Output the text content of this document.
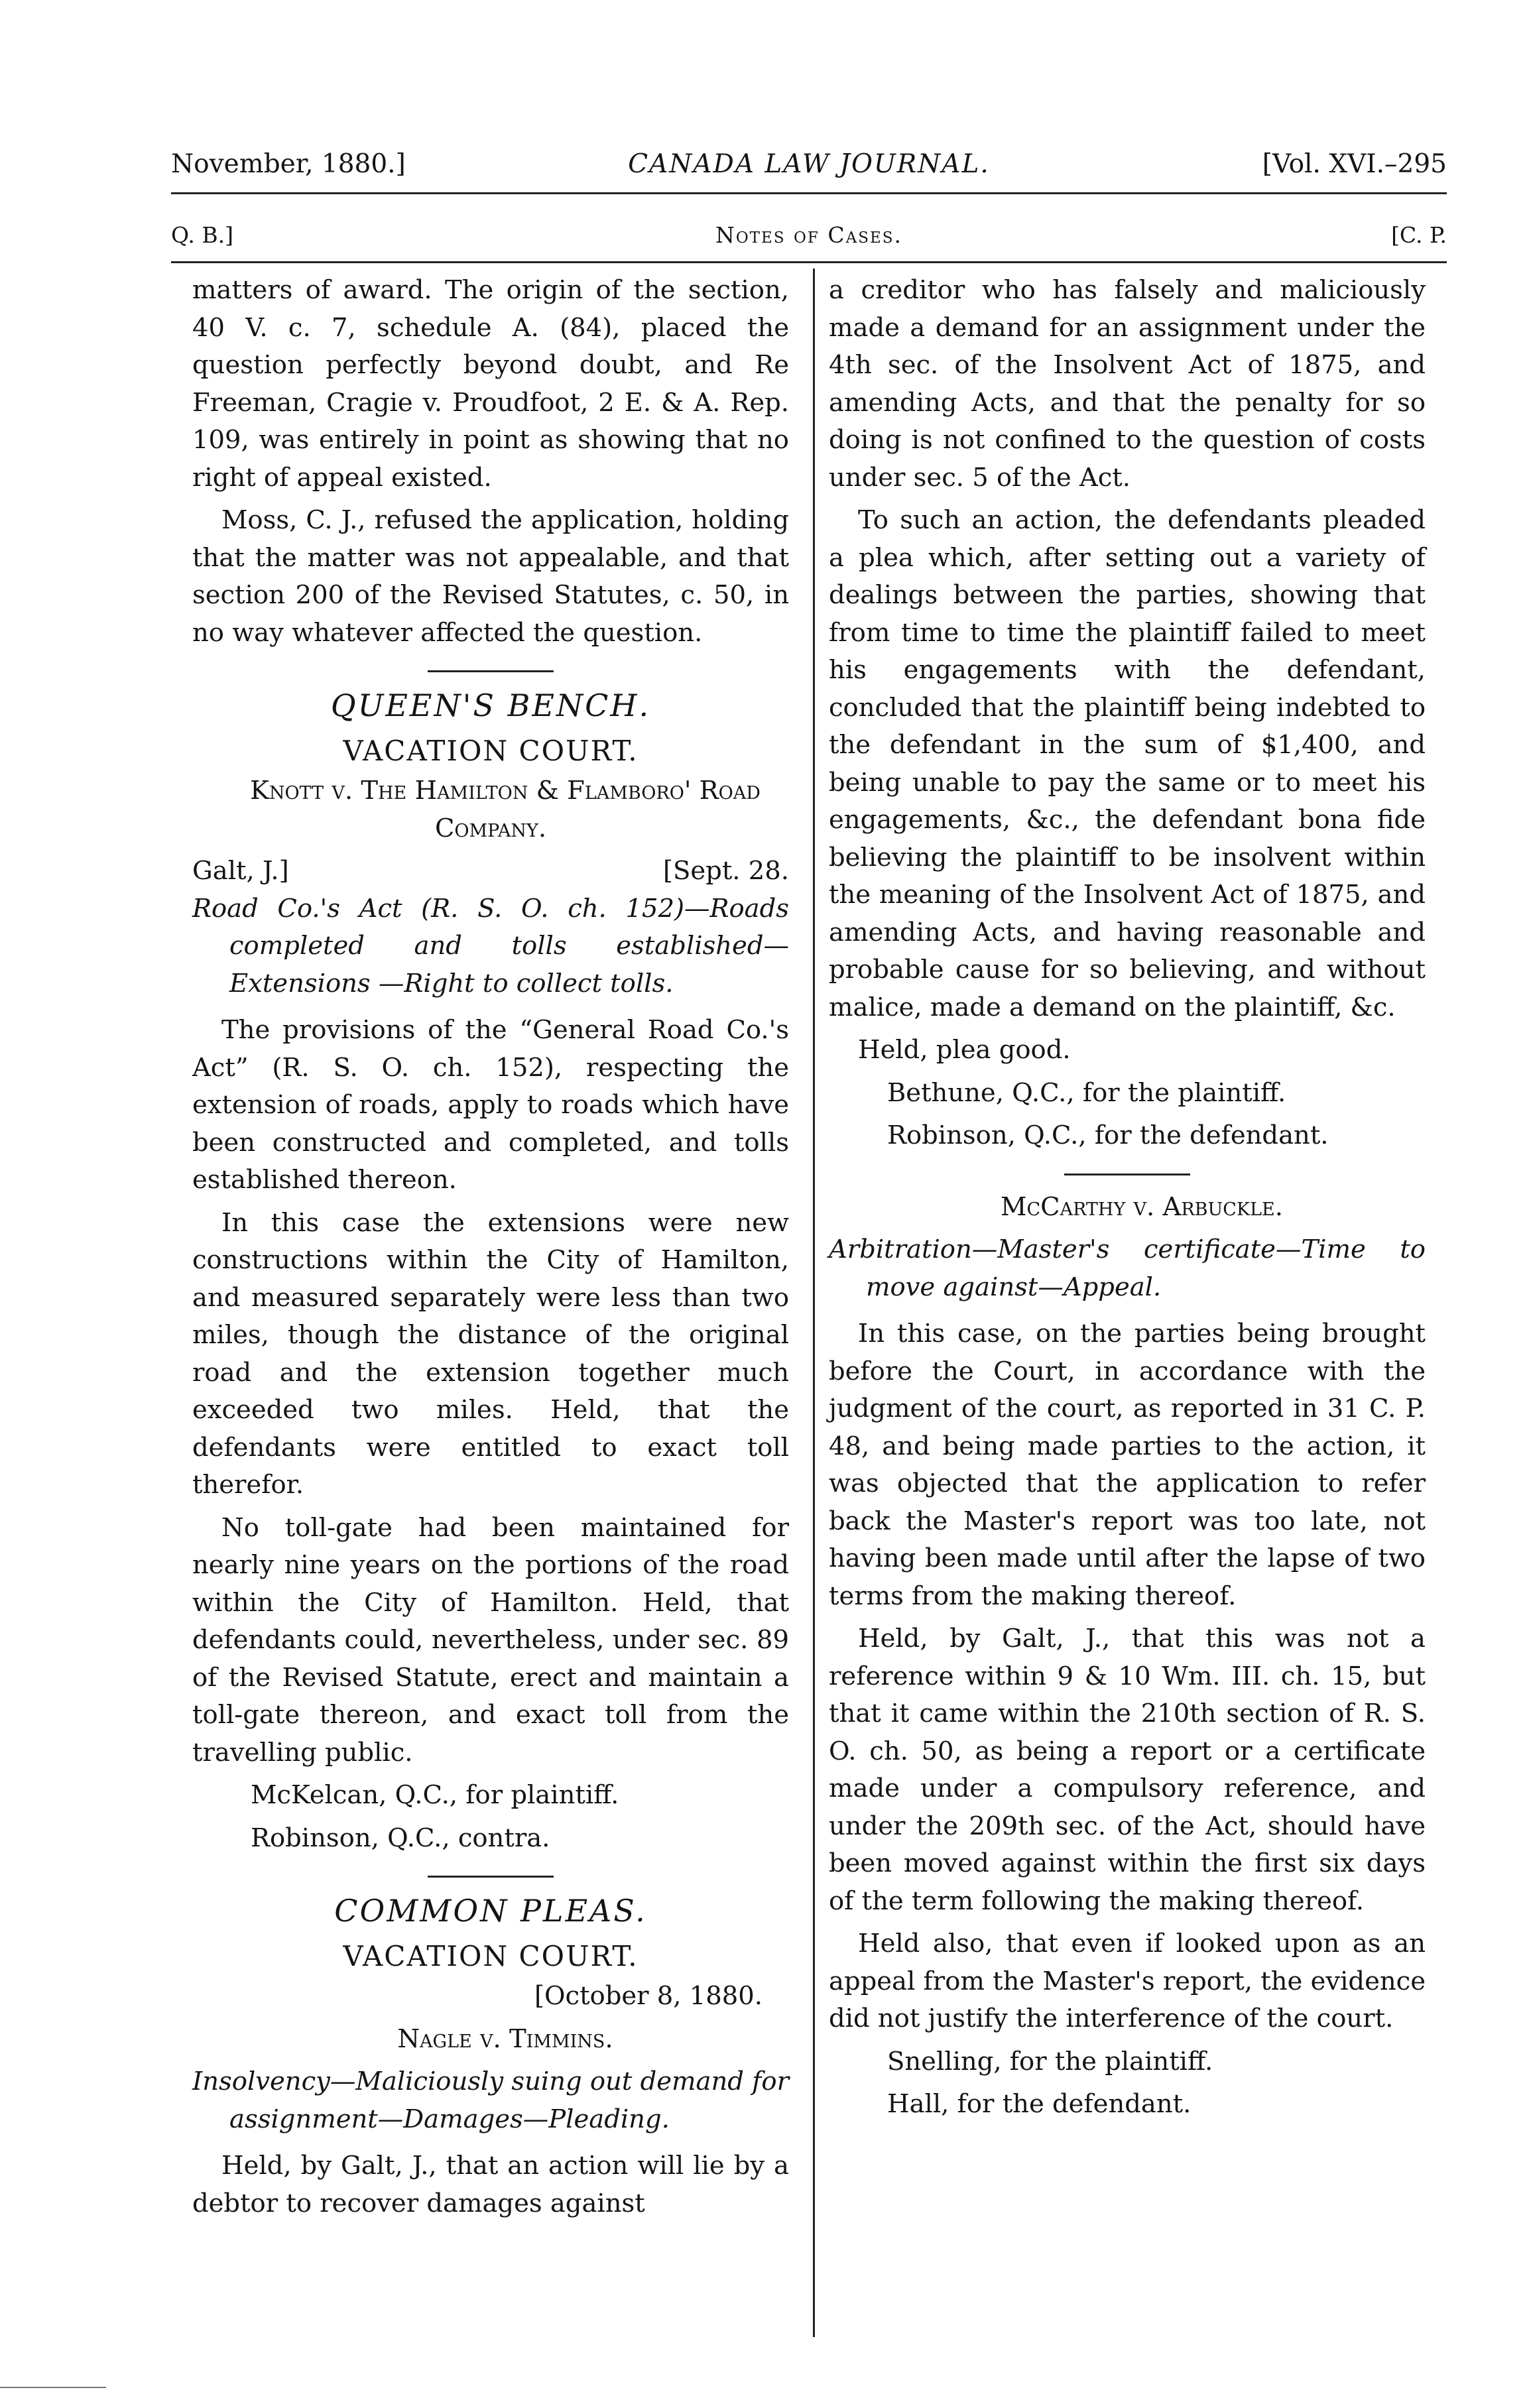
November, 1880.]	CANADA LAW JOURNAL.	[Vol. XVI.–295
Q. B.]	Notes of Cases.	[C. P.

matters of award. The origin of the section, 40 V. c. 7, schedule A. (84), placed the question perfectly beyond doubt, and Re Freeman, Cragie v. Proudfoot, 2 E. & A. Rep. 109, was entirely in point as showing that no right of appeal existed.

Moss, C. J., refused the application, holding that the matter was not appealable, and that section 200 of the Revised Statutes, c. 50, in no way whatever affected the question.

QUEEN'S BENCH.
VACATION COURT.

Knott v. The Hamilton & Flamboro' Road Company.

Galt, J.]	[Sept. 28.

Road Co.'s Act (R. S. O. ch. 152)—Roads completed and tolls established—Extensions —Right to collect tolls.

The provisions of the “General Road Co.'s Act” (R. S. O. ch. 152), respecting the extension of roads, apply to roads which have been constructed and completed, and tolls established thereon.

In this case the extensions were new constructions within the City of Hamilton, and measured separately were less than two miles, though the distance of the original road and the extension together much exceeded two miles. Held, that the defendants were entitled to exact toll therefor.

No toll-gate had been maintained for nearly nine years on the portions of the road within the City of Hamilton. Held, that defendants could, nevertheless, under sec. 89 of the Revised Statute, erect and maintain a toll-gate thereon, and exact toll from the travelling public.

McKelcan, Q.C., for plaintiff.

Robinson, Q.C., contra.

COMMON PLEAS.
VACATION COURT.

[October 8, 1880.

Nagle v. Timmins.

Insolvency—Maliciously suing out demand for assignment—Damages—Pleading.

Held, by Galt, J., that an action will lie by a debtor to recover damages against

a creditor who has falsely and maliciously made a demand for an assignment under the 4th sec. of the Insolvent Act of 1875, and amending Acts, and that the penalty for so doing is not confined to the question of costs under sec. 5 of the Act.

To such an action, the defendants pleaded a plea which, after setting out a variety of dealings between the parties, showing that from time to time the plaintiff failed to meet his engagements with the defendant, concluded that the plaintiff being indebted to the defendant in the sum of $1,400, and being unable to pay the same or to meet his engagements, &c., the defendant bona fide believing the plaintiff to be insolvent within the meaning of the Insolvent Act of 1875, and amending Acts, and having reasonable and probable cause for so believing, and without malice, made a demand on the plaintiff, &c.

Held, plea good.

Bethune, Q.C., for the plaintiff.

Robinson, Q.C., for the defendant.

McCarthy v. Arbuckle.

Arbitration—Master's certificate—Time to move against—Appeal.

In this case, on the parties being brought before the Court, in accordance with the judgment of the court, as reported in 31 C. P. 48, and being made parties to the action, it was objected that the application to refer back the Master's report was too late, not having been made until after the lapse of two terms from the making thereof.

Held, by Galt, J., that this was not a reference within 9 & 10 Wm. III. ch. 15, but that it came within the 210th section of R. S. O. ch. 50, as being a report or a certificate made under a compulsory reference, and under the 209th sec. of the Act, should have been moved against within the first six days of the term following the making thereof.

Held also, that even if looked upon as an appeal from the Master's report, the evidence did not justify the interference of the court.

Snelling, for the plaintiff.

Hall, for the defendant.
